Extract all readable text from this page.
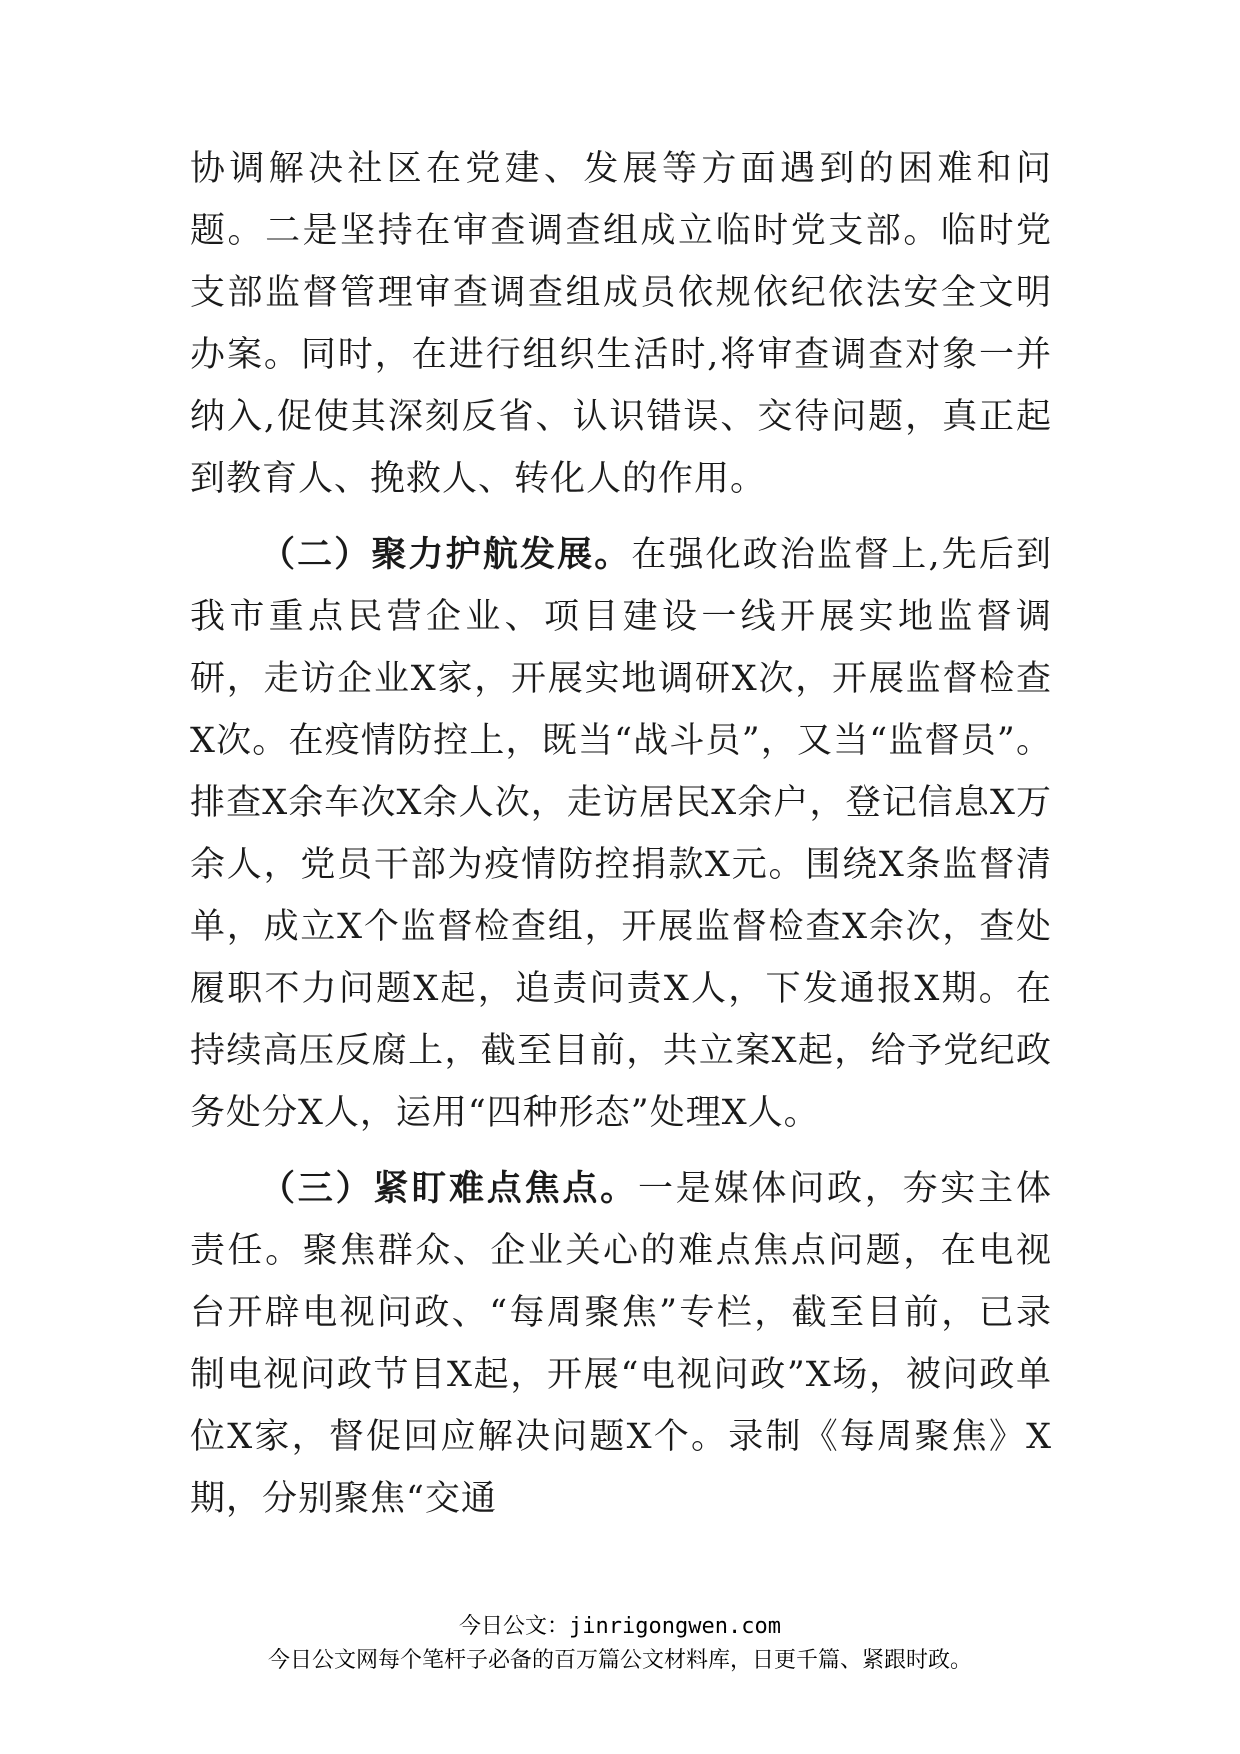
协调解决社区在党建、发展等方面遇到的困难和问题。二是坚持在审查调查组成立临时党支部。临时党支部监督管理审查调查组成员依规依纪依法安全文明办案。同时，在进行组织生活时,将审查调查对象一并纳入,促使其深刻反省、认识错误、交待问题，真正起到教育人、挽救人、转化人的作用。

（二）聚力护航发展。在强化政治监督上,先后到我市重点民营企业、项目建设一线开展实地监督调研，走访企业X家，开展实地调研X次，开展监督检查X次。在疫情防控上，既当“战斗员”，又当“监督员”。排查X余车次X余人次，走访居民X余户，登记信息X万余人，党员干部为疫情防控捐款X元。围绕X条监督清单，成立X个监督检查组，开展监督检查X余次，查处履职不力问题X起，追责问责X人，下发通报X期。在持续高压反腐上，截至目前，共立案X起，给予党纪政务处分X人，运用“四种形态”处理X人。

（三）紧盯难点焦点。一是媒体问政，夯实主体责任。聚焦群众、企业关心的难点焦点问题，在电视台开辟电视问政、“每周聚焦”专栏，截至目前，已录制电视问政节目X起，开展“电视问政”X场，被问政单位X家，督促回应解决问题X个。录制《每周聚焦》X期，分别聚焦“交通

今日公文：jinrigongwen.com
今日公文网每个笔杆子必备的百万篇公文材料库，日更千篇、紧跟时政。
